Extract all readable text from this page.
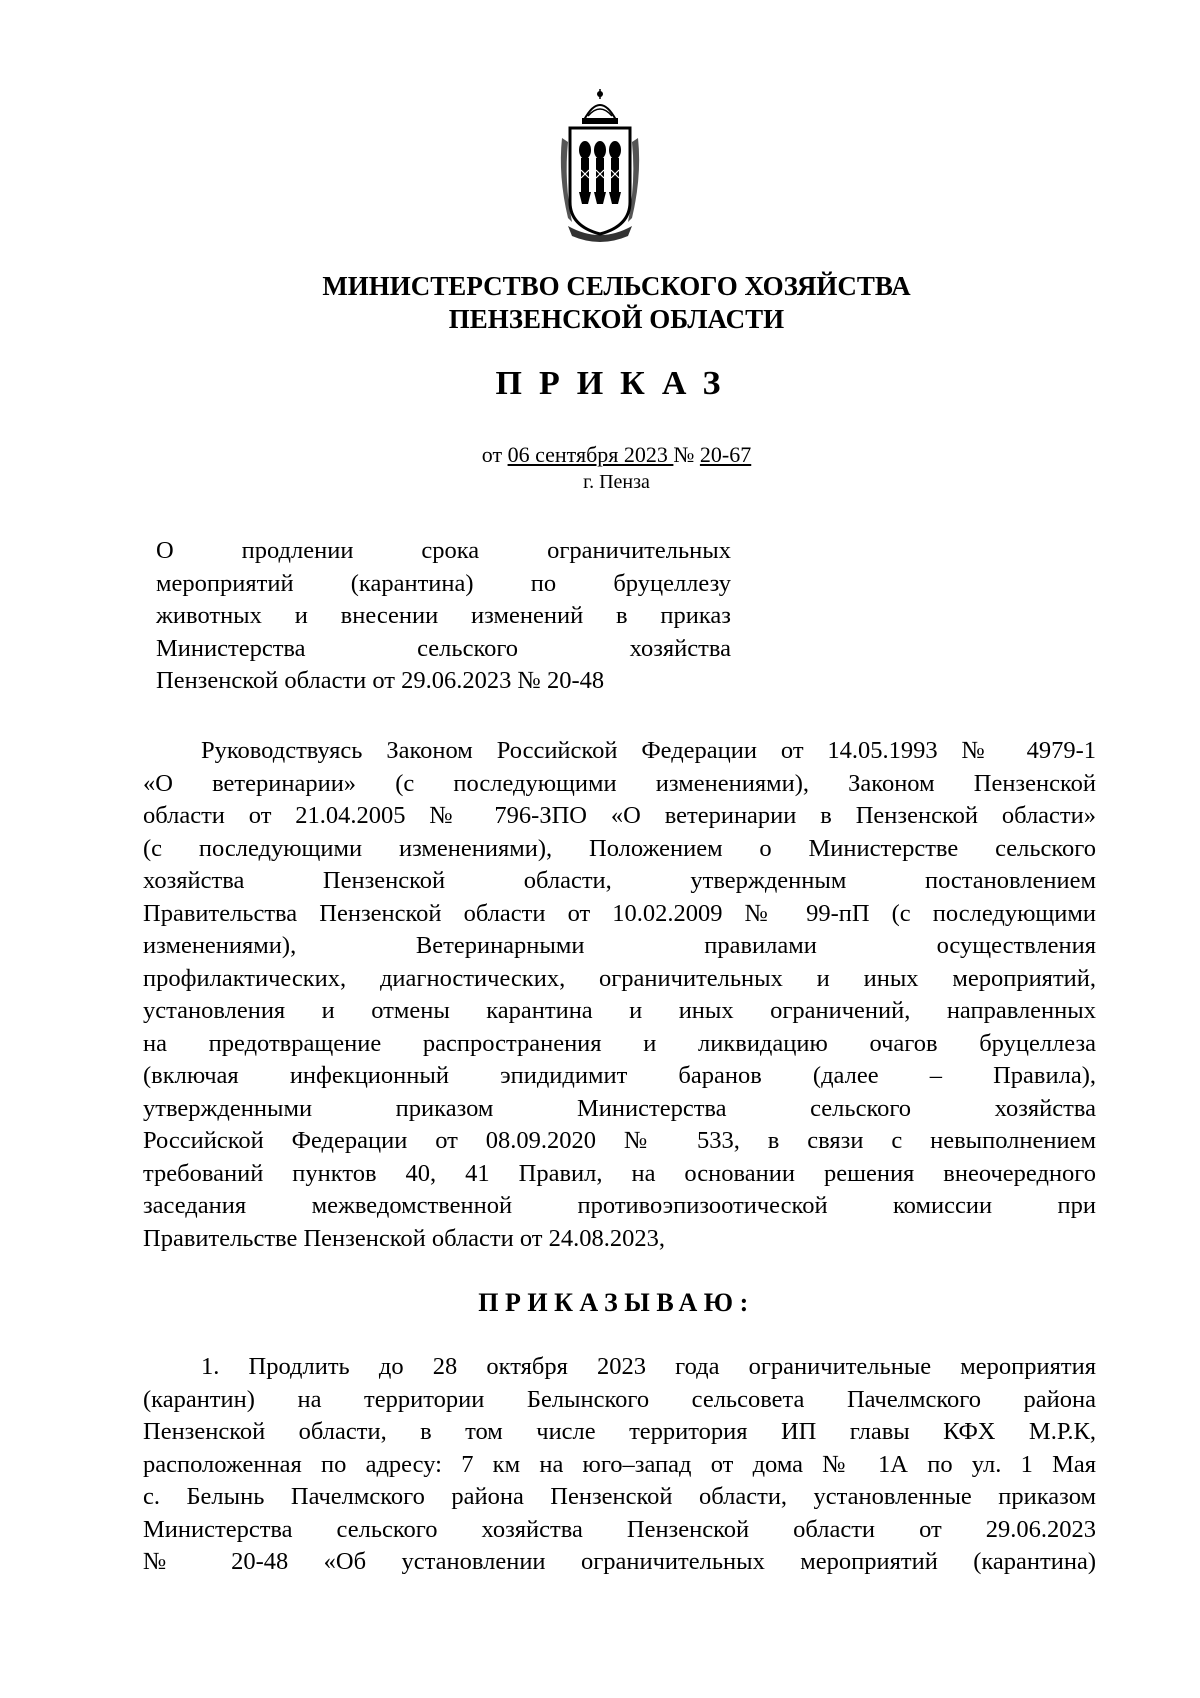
МИНИСТЕРСТВО СЕЛЬСКОГО ХОЗЯЙСТВА
ПЕНЗЕНСКОЙ ОБЛАСТИ
ПРИКАЗ
от 06 сентября 2023 № 20-67
г. Пенза
О продлении срока ограничительных
мероприятий (карантина) по бруцеллезу
животных и внесении изменений в приказ
Министерства сельского хозяйства
Пензенской области от 29.06.2023 № 20-48
Руководствуясь Законом Российской Федерации от 14.05.1993 № 4979-1
«О ветеринарии» (с последующими изменениями), Законом Пензенской
области от 21.04.2005 № 796-ЗПО «О ветеринарии в Пензенской области»
(с последующими изменениями), Положением о Министерстве сельского
хозяйства Пензенской области, утвержденным постановлением
Правительства Пензенской области от 10.02.2009 № 99-пП (с последующими
изменениями), Ветеринарными правилами осуществления
профилактических, диагностических, ограничительных и иных мероприятий,
установления и отмены карантина и иных ограничений, направленных
на предотвращение распространения и ликвидацию очагов бруцеллеза
(включая инфекционный эпидидимит баранов (далее – Правила),
утвержденными приказом Министерства сельского хозяйства
Российской Федерации от 08.09.2020 № 533, в связи с невыполнением
требований пунктов 40, 41 Правил, на основании решения внеочередного
заседания межведомственной противоэпизоотической комиссии при
Правительстве Пензенской области от 24.08.2023,
ПРИКАЗЫВАЮ:
1. Продлить до 28 октября 2023 года ограничительные мероприятия
(карантин) на территории Белынского сельсовета Пачелмского района
Пензенской области, в том числе территория ИП главы КФХ М.Р.К,
расположенная по адресу: 7 км на юго–запад от дома № 1А по ул. 1 Мая
с. Белынь Пачелмского района Пензенской области, установленные приказом
Министерства сельского хозяйства Пензенской области от 29.06.2023
№ 20-48 «Об установлении ограничительных мероприятий (карантина)
